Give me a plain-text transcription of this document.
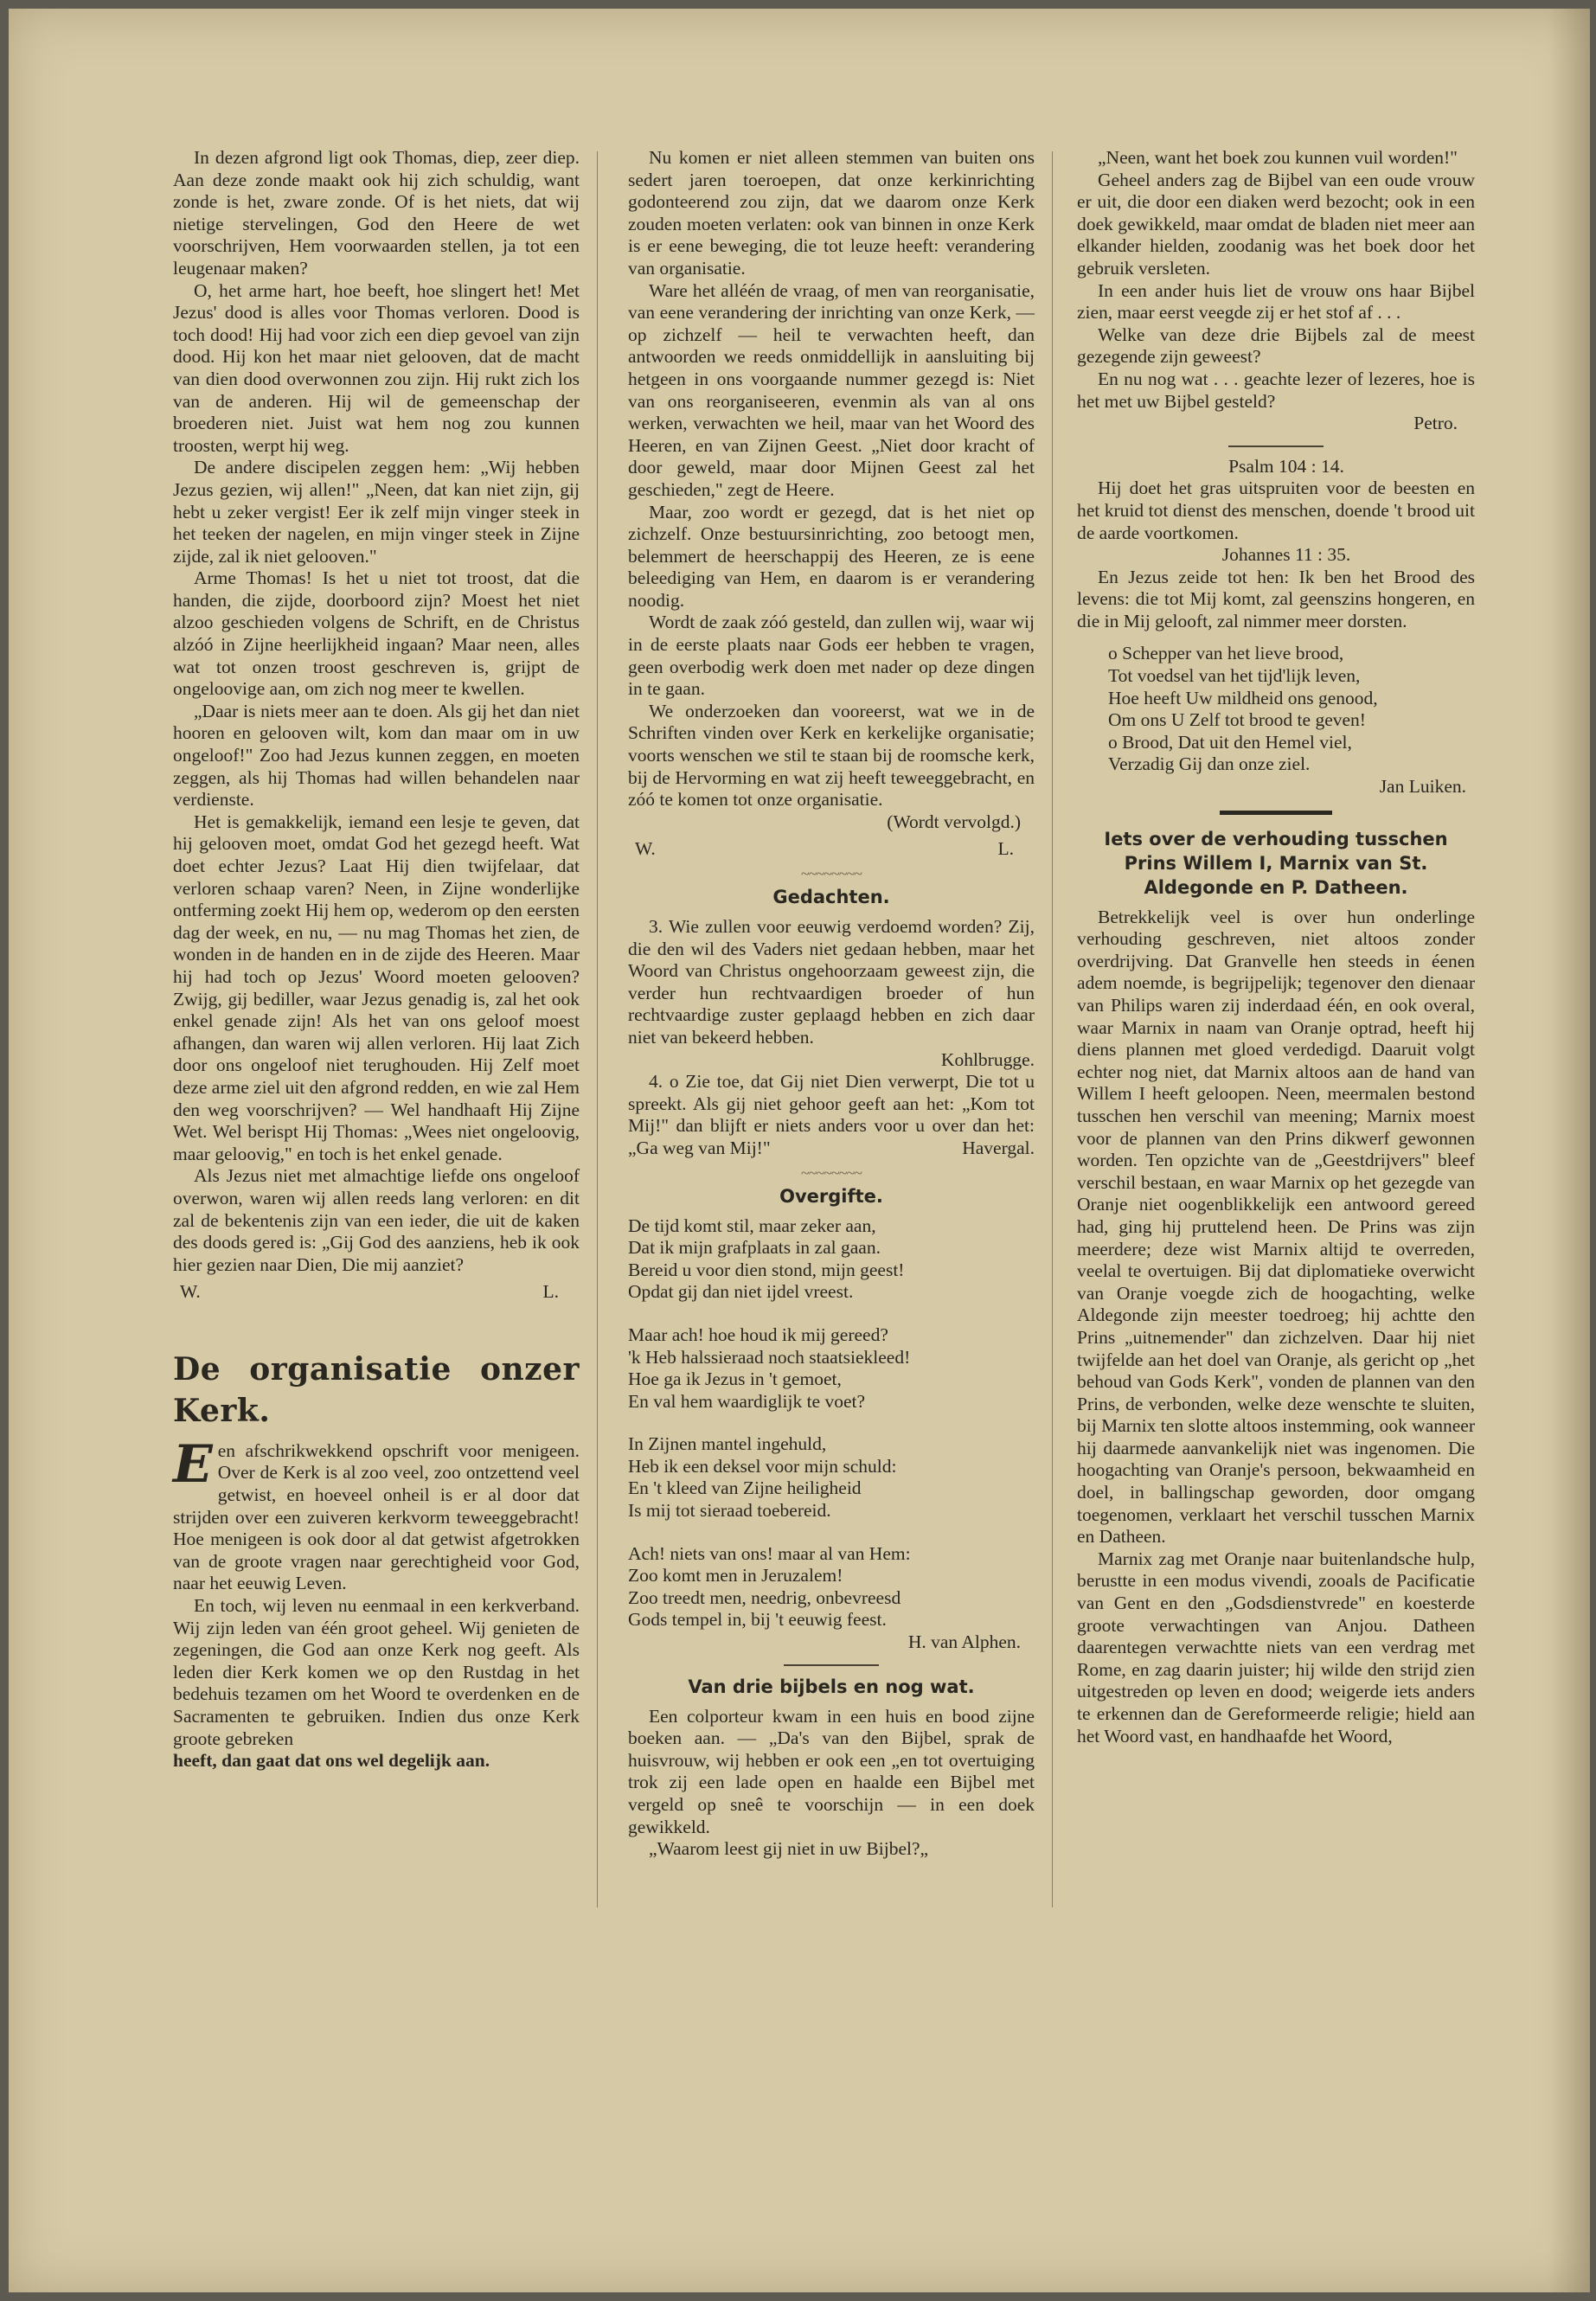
In dezen afgrond ligt ook Thomas, diep, zeer diep. Aan deze zonde maakt ook hij zich schuldig, want zonde is het, zware zonde. Of is het niets, dat wij nietige stervelingen, God den Heere de wet voorschrijven, Hem voorwaarden stellen, ja tot een leugenaar maken?

O, het arme hart, hoe beeft, hoe slingert het! Met Jezus' dood is alles voor Thomas verloren. Dood is toch dood! Hij had voor zich een diep gevoel van zijn dood. Hij kon het maar niet gelooven, dat de macht van dien dood overwonnen zou zijn. Hij rukt zich los van de anderen. Hij wil de gemeenschap der broederen niet. Juist wat hem nog zou kunnen troosten, werpt hij weg.

De andere discipelen zeggen hem: „Wij hebben Jezus gezien, wij allen!" „Neen, dat kan niet zijn, gij hebt u zeker vergist! Eer ik zelf mijn vinger steek in het teeken der nagelen, en mijn vinger steek in Zijne zijde, zal ik niet gelooven."

Arme Thomas! Is het u niet tot troost, dat die handen, die zijde, doorboord zijn? Moest het niet alzoo geschieden volgens de Schrift, en de Christus alzóó in Zijne heerlijkheid ingaan? Maar neen, alles wat tot onzen troost geschreven is, grijpt de ongeloovige aan, om zich nog meer te kwellen.

„Daar is niets meer aan te doen. Als gij het dan niet hooren en gelooven wilt, kom dan maar om in uw ongeloof!" Zoo had Jezus kunnen zeggen, en moeten zeggen, als hij Thomas had willen behandelen naar verdienste.

Het is gemakkelijk, iemand een lesje te geven, dat hij gelooven moet, omdat God het gezegd heeft. Wat doet echter Jezus? Laat Hij dien twijfelaar, dat verloren schaap varen? Neen, in Zijne wonderlijke ontferming zoekt Hij hem op, wederom op den eersten dag der week, en nu, — nu mag Thomas het zien, de wonden in de handen en in de zijde des Heeren. Maar hij had toch op Jezus' Woord moeten gelooven? Zwijg, gij bediller, waar Jezus genadig is, zal het ook enkel genade zijn! Als het van ons geloof moest afhangen, dan waren wij allen verloren. Hij laat Zich door ons ongeloof niet terughouden. Hij Zelf moet deze arme ziel uit den afgrond redden, en wie zal Hem den weg voorschrijven? — Wel handhaaft Hij Zijne Wet. Wel berispt Hij Thomas: „Wees niet ongeloovig, maar geloovig," en toch is het enkel genade.

Als Jezus niet met almachtige liefde ons ongeloof overwon, waren wij allen reeds lang verloren: en dit zal de bekentenis zijn van een ieder, die uit de kaken des doods gered is: „Gij God des aanziens, heb ik ook hier gezien naar Dien, Die mij aanziet?

W.	L.
De organisatie onzer Kerk.

Een afschrikwekkend opschrift voor menigeen. Over de Kerk is al zoo veel, zoo ontzettend veel getwist, en hoeveel onheil is er al door dat strijden over een zuiveren kerkvorm teweeggebracht! Hoe menigeen is ook door al dat getwist afgetrokken van de groote vragen naar gerechtigheid voor God, naar het eeuwig Leven.

En toch, wij leven nu eenmaal in een kerkverband. Wij zijn leden van één groot geheel. Wij genieten de zegeningen, die God aan onze Kerk nog geeft. Als leden dier Kerk komen we op den Rustdag in het bedehuis tezamen om het Woord te overdenken en de Sacramenten te gebruiken. Indien dus onze Kerk groote gebreken

heeft, dan gaat dat ons wel degelijk aan.

Nu komen er niet alleen stemmen van buiten ons sedert jaren toeroepen, dat onze kerkinrichting godonteerend zou zijn, dat we daarom onze Kerk zouden moeten verlaten: ook van binnen in onze Kerk is er eene beweging, die tot leuze heeft: verandering van organisatie.

Ware het alléén de vraag, of men van reorganisatie, van eene verandering der inrichting van onze Kerk, — op zichzelf — heil te verwachten heeft, dan antwoorden we reeds onmiddellijk in aansluiting bij hetgeen in ons voorgaande nummer gezegd is: Niet van ons reorganiseeren, evenmin als van al ons werken, verwachten we heil, maar van het Woord des Heeren, en van Zijnen Geest. „Niet door kracht of door geweld, maar door Mijnen Geest zal het geschieden," zegt de Heere.

Maar, zoo wordt er gezegd, dat is het niet op zichzelf. Onze bestuursinrichting, zoo betoogt men, belemmert de heerschappij des Heeren, ze is eene beleediging van Hem, en daarom is er verandering noodig.

Wordt de zaak zóó gesteld, dan zullen wij, waar wij in de eerste plaats naar Gods eer hebben te vragen, geen overbodig werk doen met nader op deze dingen in te gaan.

We onderzoeken dan vooreerst, wat we in de Schriften vinden over Kerk en kerkelijke organisatie; voorts wenschen we stil te staan bij de roomsche kerk, bij de Hervorming en wat zij heeft teweeggebracht, en zóó te komen tot onze organisatie.

(Wordt vervolgd.)
W.	L.
~~~~~~~~
Gedachten.

3. Wie zullen voor eeuwig verdoemd worden? Zij, die den wil des Vaders niet gedaan hebben, maar het Woord van Christus ongehoorzaam geweest zijn, die verder hun rechtvaardigen broeder of hun rechtvaardige zuster geplaagd hebben en zich daar niet van bekeerd hebben.

Kohlbrugge.

4. o Zie toe, dat Gij niet Dien verwerpt, Die tot u spreekt. Als gij niet gehoor geeft aan het: „Kom tot Mij!" dan blijft er niets anders voor u over dan het: „Ga weg van Mij!"	Havergal.
~~~~~~~~
Overgifte.

De tijd komt stil, maar zeker aan,

Dat ik mijn grafplaats in zal gaan.

Bereid u voor dien stond, mijn geest!

Opdat gij dan niet ijdel vreest.

Maar ach! hoe houd ik mij gereed?

'k Heb halssieraad noch staatsiekleed!

Hoe ga ik Jezus in 't gemoet,

En val hem waardiglijk te voet?

In Zijnen mantel ingehuld,

Heb ik een deksel voor mijn schuld:

En 't kleed van Zijne heiligheid

Is mij tot sieraad toebereid.

Ach! niets van ons! maar al van Hem:

Zoo komt men in Jeruzalem!

Zoo treedt men, needrig, onbevreesd

Gods tempel in, bij 't eeuwig feest.

H. van Alphen.
Van drie bijbels en nog wat.

Een colporteur kwam in een huis en bood zijne boeken aan. — „Da's van den Bijbel, sprak de huisvrouw, wij hebben er ook een „en tot overtuiging trok zij een lade open en haalde een Bijbel met vergeld op sneê te voorschijn — in een doek gewikkeld.

„Waarom leest gij niet in uw Bijbel?„

„Neen, want het boek zou kunnen vuil worden!"

Geheel anders zag de Bijbel van een oude vrouw er uit, die door een diaken werd bezocht; ook in een doek gewikkeld, maar omdat de bladen niet meer aan elkander hielden, zoodanig was het boek door het gebruik versleten.

In een ander huis liet de vrouw ons haar Bijbel zien, maar eerst veegde zij er het stof af . . .

Welke van deze drie Bijbels zal de meest gezegende zijn geweest?

En nu nog wat . . . geachte lezer of lezeres, hoe is het met uw Bijbel gesteld?

Petro.

Psalm 104 : 14.

Hij doet het gras uitspruiten voor de beesten en het kruid tot dienst des menschen, doende 't brood uit de aarde voortkomen.

Johannes 11 : 35.

En Jezus zeide tot hen: Ik ben het Brood des levens: die tot Mij komt, zal geenszins hongeren, en die in Mij gelooft, zal nimmer meer dorsten.

o Schepper van het lieve brood,

Tot voedsel van het tijd'lijk leven,

Hoe heeft Uw mildheid ons genood,

Om ons U Zelf tot brood te geven!

o Brood, Dat uit den Hemel viel,

Verzadig Gij dan onze ziel.

Jan Luiken.
Iets over de verhouding tusschen Prins Willem I, Marnix van St. Aldegonde en P. Datheen.

Betrekkelijk veel is over hun onderlinge verhouding geschreven, niet altoos zonder overdrijving. Dat Granvelle hen steeds in éenen adem noemde, is begrijpelijk; tegenover den dienaar van Philips waren zij inderdaad één, en ook overal, waar Marnix in naam van Oranje optrad, heeft hij diens plannen met gloed verdedigd. Daaruit volgt echter nog niet, dat Marnix altoos aan de hand van Willem I heeft geloopen. Neen, meermalen bestond tusschen hen verschil van meening; Marnix moest voor de plannen van den Prins dikwerf gewonnen worden. Ten opzichte van de „Geestdrijvers" bleef verschil bestaan, en waar Marnix op het gezegde van Oranje niet oogenblikkelijk een antwoord gereed had, ging hij pruttelend heen. De Prins was zijn meerdere; deze wist Marnix altijd te overreden, veelal te overtuigen. Bij dat diplomatieke overwicht van Oranje voegde zich de hoogachting, welke Aldegonde zijn meester toedroeg; hij achtte den Prins „uitnemender" dan zichzelven. Daar hij niet twijfelde aan het doel van Oranje, als gericht op „het behoud van Gods Kerk", vonden de plannen van den Prins, de verbonden, welke deze wenschte te sluiten, bij Marnix ten slotte altoos instemming, ook wanneer hij daarmede aanvankelijk niet was ingenomen. Die hoogachting van Oranje's persoon, bekwaamheid en doel, in ballingschap geworden, door omgang toegenomen, verklaart het verschil tusschen Marnix en Datheen.

Marnix zag met Oranje naar buitenlandsche hulp, berustte in een modus vivendi, zooals de Pacificatie van Gent en den „Godsdienstvrede" en koesterde groote verwachtingen van Anjou. Datheen daarentegen verwachtte niets van een verdrag met Rome, en zag daarin juister; hij wilde den strijd zien uitgestreden op leven en dood; weigerde iets anders te erkennen dan de Gereformeerde religie; hield aan het Woord vast, en handhaafde het Woord,
